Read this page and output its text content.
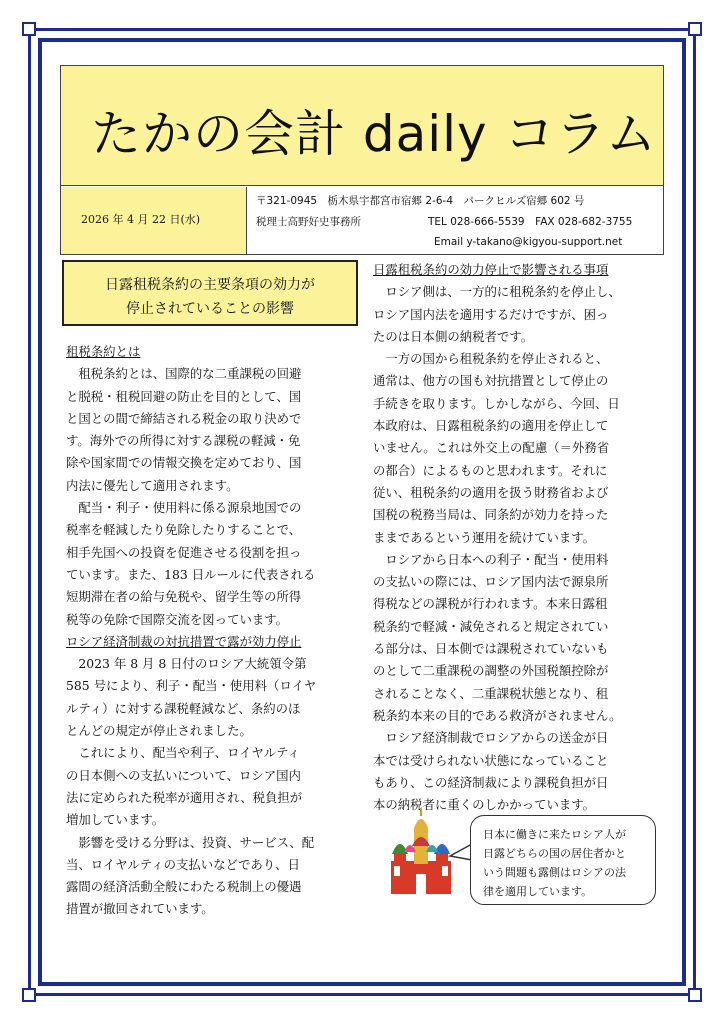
たかの会計 daily コラム
2026 年 4 月 22 日(水)
〒321-0945　栃木県宇都宮市宿郷 2-6-4　パークヒルズ宿郷 602 号
税理士高野好史事務所	TEL 028-666-5539　FAX 028-682-3755
Email y-takano@kigyou-support.net
日露租税条約の主要条項の効力が
停止されていることの影響
租税条約とは

租税条約とは、国際的な二重課税の回避

と脱税・租税回避の防止を目的として、国
と国との間で締結される税金の取り決めで
す。海外での所得に対する課税の軽減・免
除や国家間での情報交換を定めており、国
内法に優先して適用されます。

配当・利子・使用料に係る源泉地国での

税率を軽減したり免除したりすることで、
相手先国への投資を促進させる役割を担っ
ています。また、183 日ルールに代表される
短期滞在者の給与免税や、留学生等の所得
税等の免除で国際交流を図っています。
ロシア経済制裁の対抗措置で露が効力停止

2023 年 8 月 8 日付のロシア大統領令第

585 号により、利子・配当・使用料（ロイヤ
ルティ）に対する課税軽減など、条約のほ
とんどの規定が停止されました。

これにより、配当や利子、ロイヤルティ

の日本側への支払いについて、ロシア国内
法に定められた税率が適用され、税負担が
増加しています。

影響を受ける分野は、投資、サービス、配

当、ロイヤルティの支払いなどであり、日
露間の経済活動全般にわたる税制上の優遇
措置が撤回されています。
日露租税条約の効力停止で影響される事項

ロシア側は、一方的に租税条約を停止し、

ロシア国内法を適用するだけですが、困っ
たのは日本側の納税者です。

一方の国から租税条約を停止されると、

通常は、他方の国も対抗措置として停止の
手続きを取ります。しかしながら、今回、日
本政府は、日露租税条約の適用を停止して
いません。これは外交上の配慮（＝外務省
の都合）によるものと思われます。それに
従い、租税条約の適用を扱う財務省および
国税の税務当局は、同条約が効力を持った
ままであるという運用を続けています。

ロシアから日本への利子・配当・使用料

の支払いの際には、ロシア国内法で源泉所
得税などの課税が行われます。本来日露租
税条約で軽減・減免されると規定されてい
る部分は、日本側では課税されていないも
のとして二重課税の調整の外国税額控除が
されることなく、二重課税状態となり、租
税条約本来の目的である救済がされません。

ロシア経済制裁でロシアからの送金が日

本では受けられない状態になっていること
もあり、この経済制裁により課税負担が日
本の納税者に重くのしかかっています。
日本に働きに来たロシア人が
日露どちらの国の居住者かと
いう問題も露側はロシアの法
律を適用しています。
